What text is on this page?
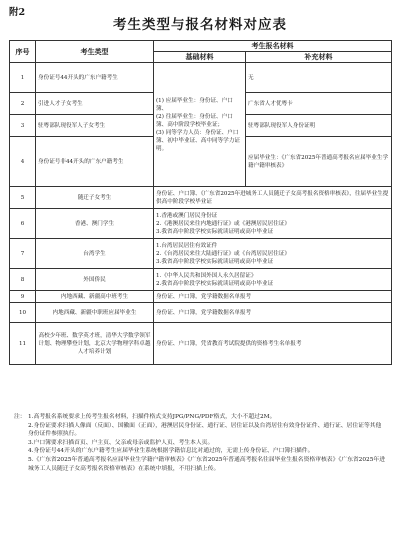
附2
考生类型与报名材料对应表
序号	考生类型	考生报名材料	
		基础材料	补充材料
1	身份证号44开头的广东户籍考生	(1) 应届毕业生：身份证、户口簿、
(2) 往届毕业生：身份证、户口簿、高中阶段学校毕业证；
(3) 同等学力人员：身份证、户口簿、初中毕业证、高中同等学力证明。	无
2	引进人才子女考生		广东省人才优粤卡
3	驻粤部队现役军人子女考生		驻粤部队现役军人身份证明
4	身份证号非44开头的广东户籍考生		应届毕业生：《广东省2025年普通高考报名应届毕业生学籍户籍审核表》
5	随迁子女考生	身份证、户口簿、《广东省2025年进城务工人员随迁子女高考报名资格审核表》，往届毕业生提供高中阶段学校毕业证	
6	香港、澳门学生	1.香港或澳门居民身份证
2.《港澳居民来往内地通行证》或《港澳居民居住证》
3.我省高中阶段学校实际就读证明或高中毕业证	

7	台湾学生	1.台湾居民居住有效证件
2.《台湾居民来往大陆通行证》或《台湾居民居住证》
3.我省高中阶段学校实际就读证明或高中毕业证	

8	外国侨民	1.《中华人民共和国外国人永久居留证》
2.我省高中阶段学校实际就读证明或高中毕业证	

9	内地西藏、新疆高中班考生	身份证、户口簿，党学籍数据名单报考	
10	内地西藏、新疆中职班应届毕业生	身份证、户口簿，党学籍数据名单报考	
11	高校少年班、数学英才班，清华大学数学领军计划、物理攀登计划，北京大学物理学科卓越人才培养计划	身份证、户口簿，凭省教育考试院提供的资格考生名单报考	
注： 1.高考报名系统要求上传考生报名材料，扫描件格式支持JPG/PNG/PDF格式，大小不超过2M。
2.身份证要求扫描人像面（反面）、国徽面（正面），港澳居民身份证、通行证、居住证以及台湾居住有效身份证件、通行证、居住证等其他身份证件参照执行。
3.户口簿要求扫描首页、户主页、父亲或母亲或监护人页、考生本人页。
4.身份证号44开头的广东户籍考生应届毕业生系统根据学籍信息比对通过的，无需上传身份证、户口簿扫描件。
5.《广东省2025年普通高考报名应届毕业生学籍户籍审核表》《广东省2025年普通高考报名往届毕业生报名资格审核表》《广东省2025年进城务工人员随迁子女高考报名资格审核表》在系统中填报，不用扫描上传。
